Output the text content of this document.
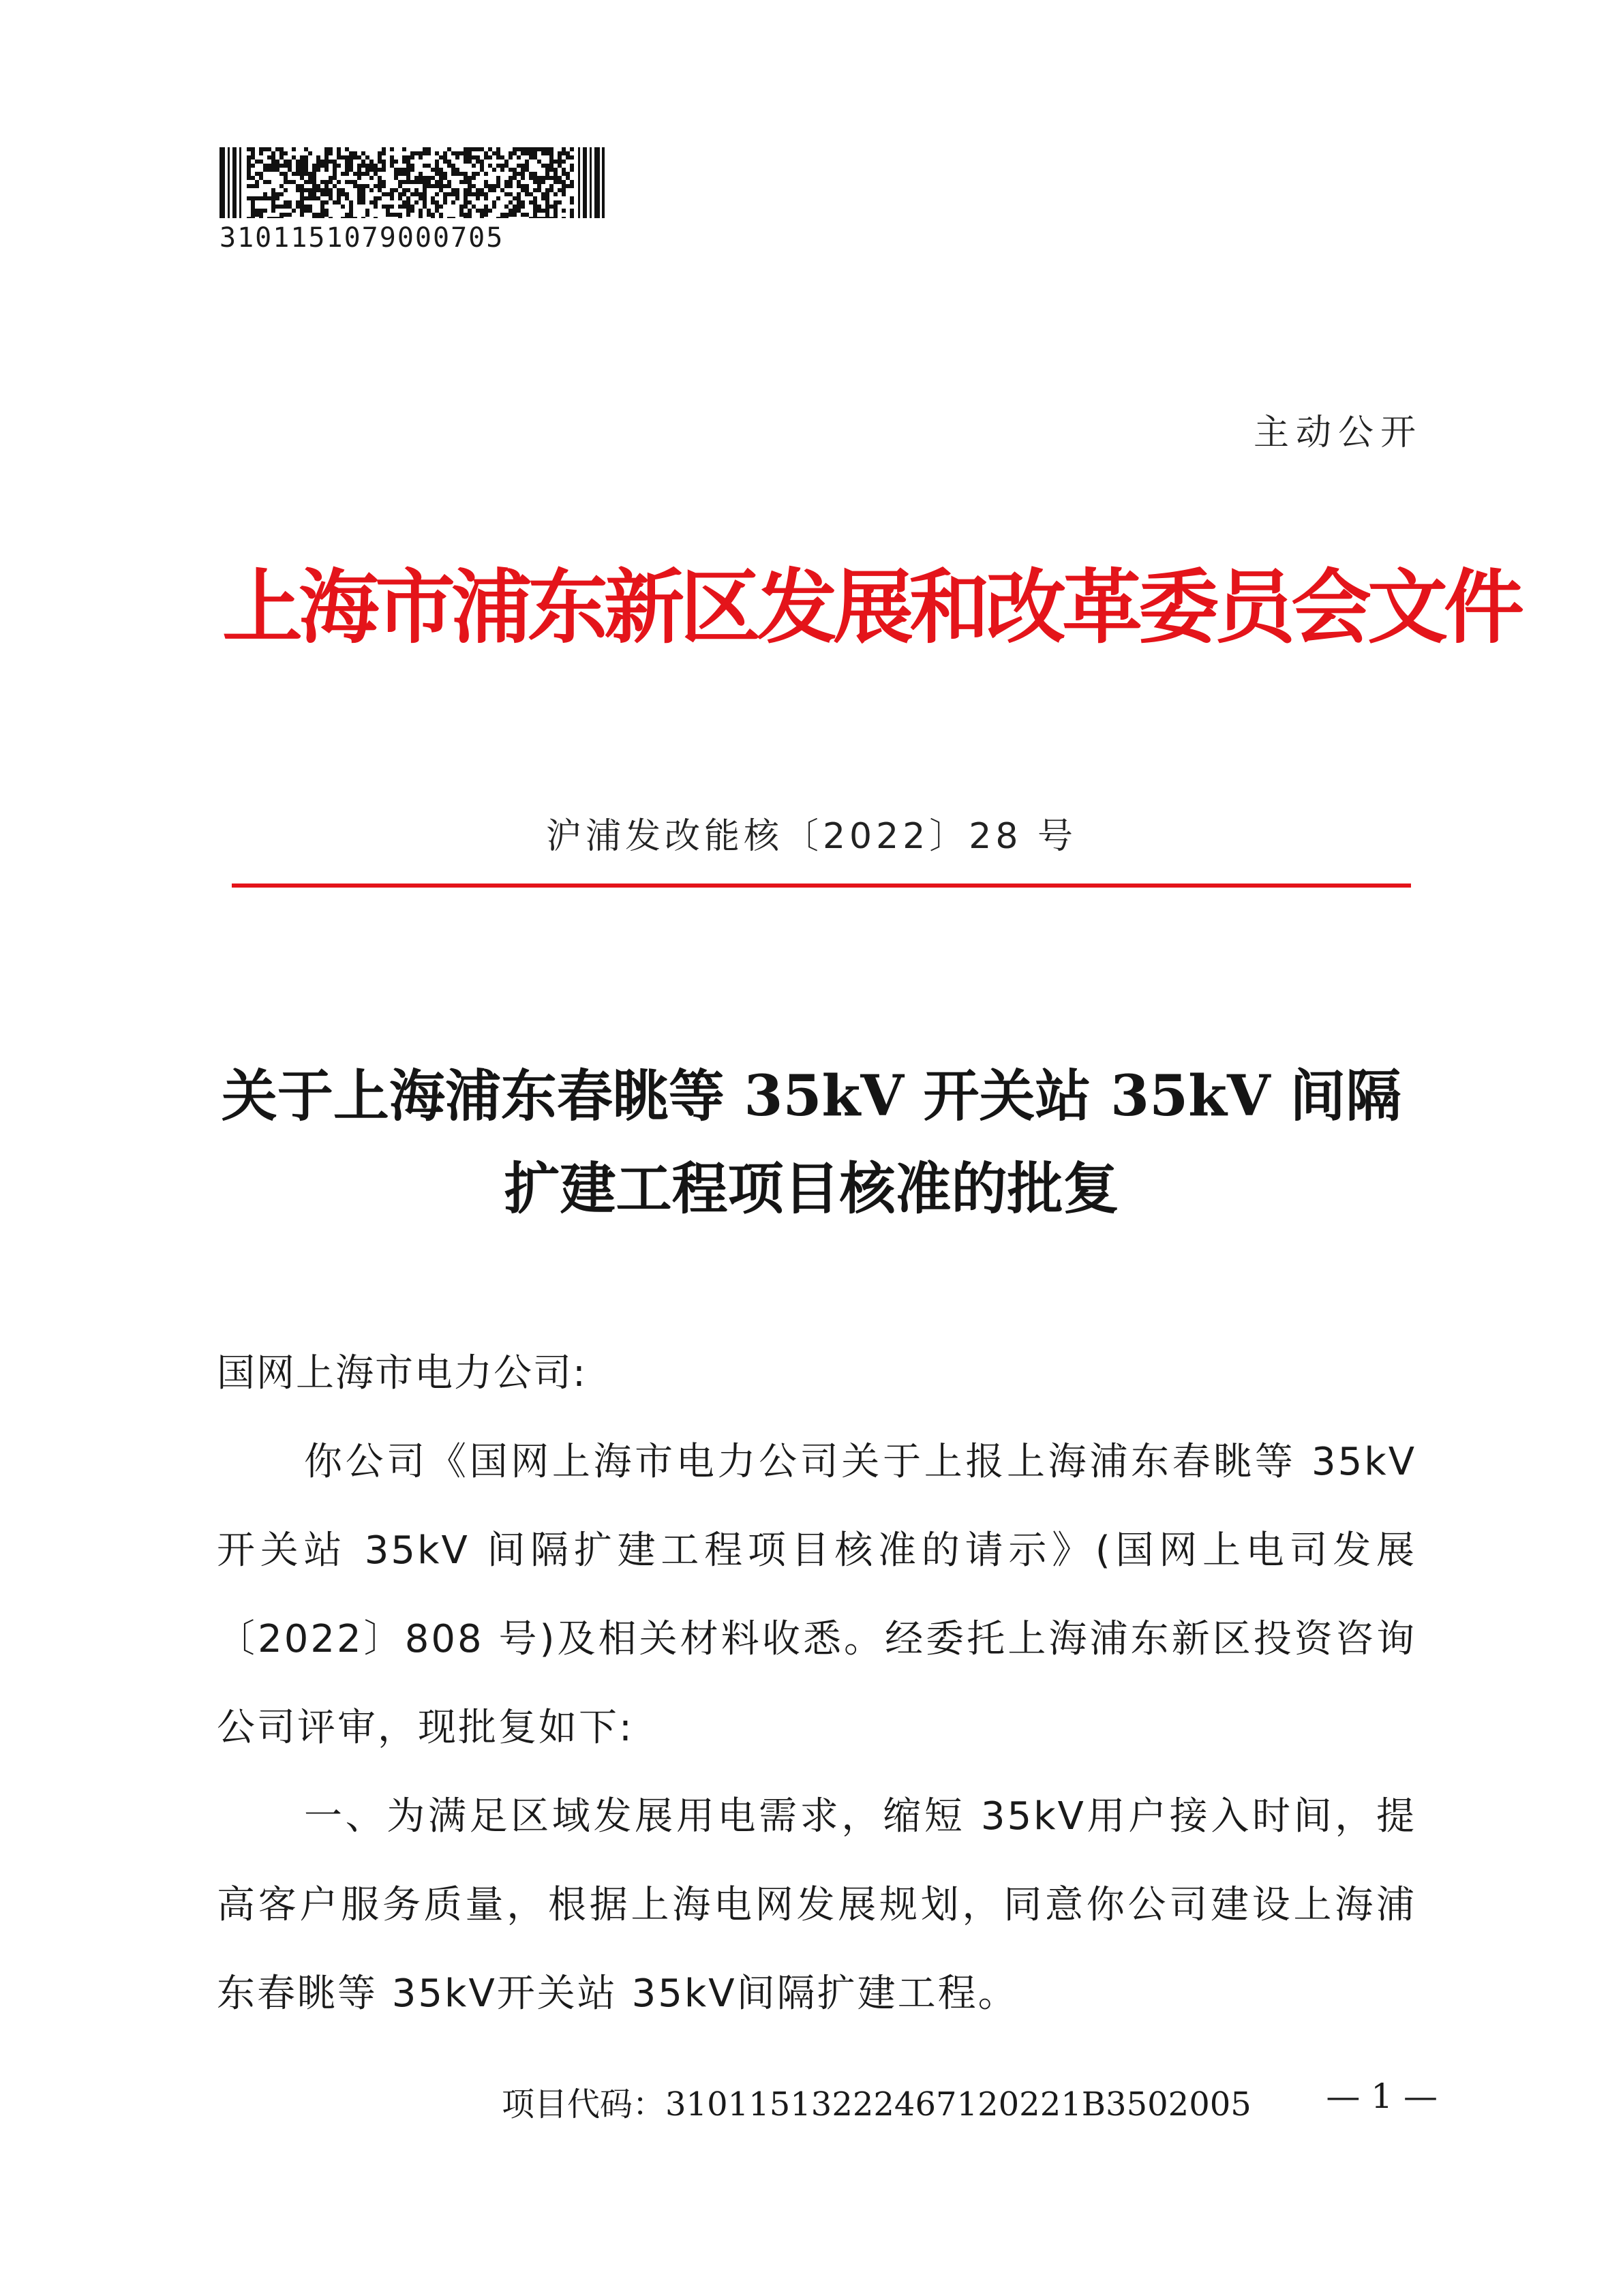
3101151079000705
主动公开
上海市浦东新区发展和改革委员会文件
沪浦发改能核〔2022〕28 号
关于上海浦东春眺等 35kV 开关站 35kV 间隔
扩建工程项目核准的批复
国网上海市电力公司:

你公司《国网上海市电力公司关于上报上海浦东春眺等 35kV 开关站 35kV 间隔扩建工程项目核准的请示》(国网上电司发展〔2022〕808 号)及相关材料收悉。经委托上海浦东新区投资咨询公司评审，现批复如下:

一、为满足区域发展用电需求，缩短 35kV用户接入时间，提高客户服务质量，根据上海电网发展规划，同意你公司建设上海浦东春眺等 35kV开关站 35kV间隔扩建工程。

项目代码：31011513222467120221B3502005 — 1 —
